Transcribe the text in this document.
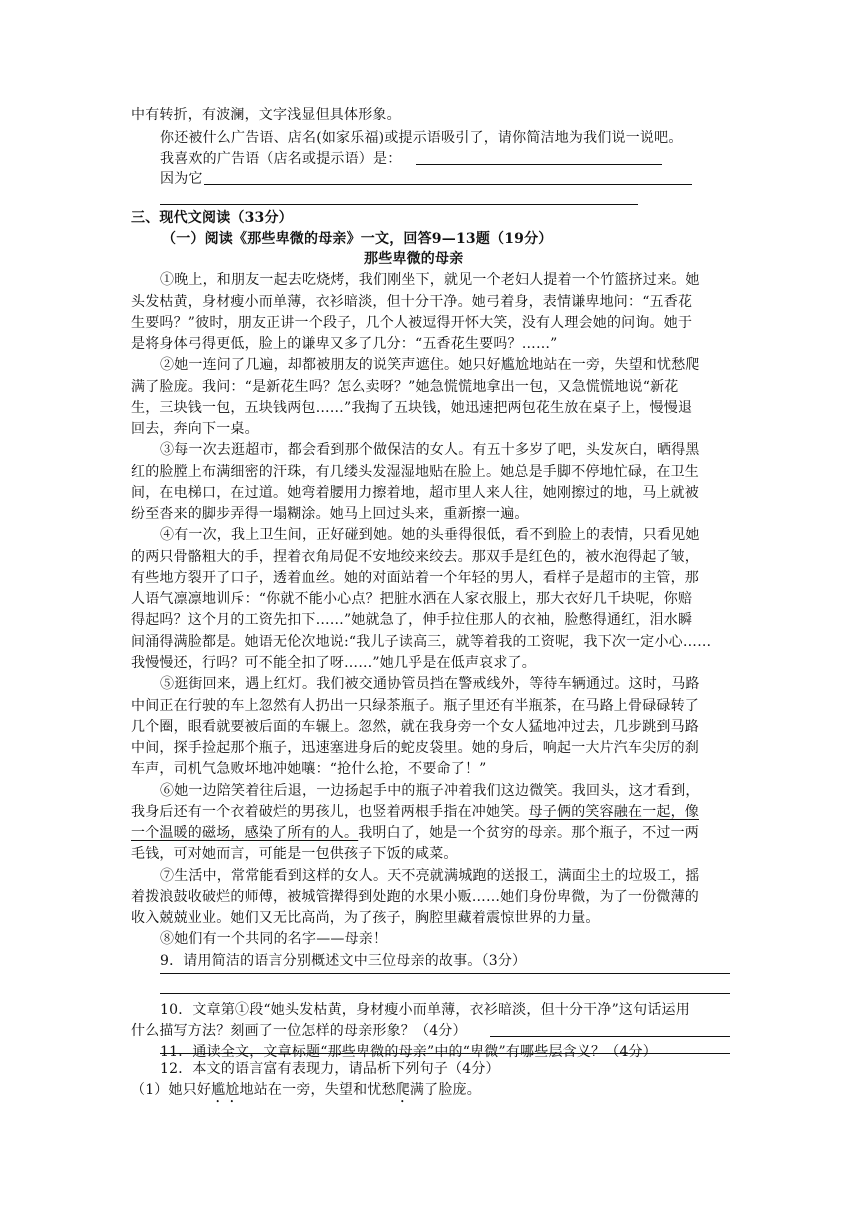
中有转折，有波澜，文字浅显但具体形象。
你还被什么广告语、店名(如家乐福)或提示语吸引了，请你简洁地为我们说一说吧。
我喜欢的广告语（店名或提示语）是：
因为它
三、现代文阅读（33分）
（一）阅读《那些卑微的母亲》一文，回答9—13题（19分）
那些卑微的母亲
①晚上，和朋友一起去吃烧烤，我们刚坐下，就见一个老妇人提着一个竹篮挤过来。她
头发枯黄，身材瘦小而单薄，衣衫暗淡，但十分干净。她弓着身，表情谦卑地问：“五香花
生要吗？”彼时，朋友正讲一个段子，几个人被逗得开怀大笑，没有人理会她的问询。她于
是将身体弓得更低，脸上的谦卑又多了几分：“五香花生要吗？……”
②她一连问了几遍，却都被朋友的说笑声遮住。她只好尴尬地站在一旁，失望和忧愁爬
满了脸庞。我问：“是新花生吗？怎么卖呀？”她急慌慌地拿出一包，又急慌慌地说“新花
生，三块钱一包，五块钱两包……”我掏了五块钱，她迅速把两包花生放在桌子上，慢慢退
回去，奔向下一桌。
③每一次去逛超市，都会看到那个做保洁的女人。有五十多岁了吧，头发灰白，晒得黑
红的脸膛上布满细密的汗珠，有几缕头发湿湿地贴在脸上。她总是手脚不停地忙碌，在卫生
间，在电梯口，在过道。她弯着腰用力擦着地，超市里人来人往，她刚擦过的地，马上就被
纷至沓来的脚步弄得一塌糊涂。她马上回过头来，重新擦一遍。
④有一次，我上卫生间，正好碰到她。她的头垂得很低，看不到脸上的表情，只看见她
的两只骨骼粗大的手，捏着衣角局促不安地绞来绞去。那双手是红色的，被水泡得起了皱，
有些地方裂开了口子，透着血丝。她的对面站着一个年轻的男人，看样子是超市的主管，那
人语气凛凛地训斥：“你就不能小心点？把脏水洒在人家衣服上，那大衣好几千块呢，你赔
得起吗？这个月的工资先扣下……”她就急了，伸手拉住那人的衣袖，脸憋得通红，泪水瞬
间涌得满脸都是。她语无伦次地说:“我儿子读高三，就等着我的工资呢，我下次一定小心……
我慢慢还，行吗？可不能全扣了呀……”她几乎是在低声哀求了。
⑤逛街回来，遇上红灯。我们被交通协管员挡在警戒线外，等待车辆通过。这时，马路
中间正在行驶的车上忽然有人扔出一只绿茶瓶子。瓶子里还有半瓶茶，在马路上骨碌碌转了
几个圈，眼看就要被后面的车辗上。忽然，就在我身旁一个女人猛地冲过去，几步跳到马路
中间，探手捡起那个瓶子，迅速塞进身后的蛇皮袋里。她的身后，响起一大片汽车尖厉的刹
车声，司机气急败坏地冲她嚷：“抢什么抢，不要命了！”
⑥她一边陪笑着往后退，一边扬起手中的瓶子冲着我们这边微笑。我回头，这才看到，
我身后还有一个衣着破烂的男孩儿，也竖着两根手指在冲她笑。母子俩的笑容融在一起，像
一个温暖的磁场，感染了所有的人。我明白了，她是一个贫穷的母亲。那个瓶子，不过一两
毛钱，可对她而言，可能是一包供孩子下饭的咸菜。
⑦生活中，常常能看到这样的女人。天不亮就满城跑的送报工，满面尘土的垃圾工，摇
着拨浪鼓收破烂的师傅，被城管撵得到处跑的水果小贩……她们身份卑微，为了一份微薄的
收入兢兢业业。她们又无比高尚，为了孩子，胸腔里藏着震惊世界的力量。
⑧她们有一个共同的名字——母亲！
9．请用简洁的语言分别概述文中三位母亲的故事。（3分）
10．文章第①段“她头发枯黄，身材瘦小而单薄，衣衫暗淡，但十分干净”这句话运用
什么描写方法？刻画了一位怎样的母亲形象？（4分）
11．通读全文，文章标题“那些卑微的母亲”中的“卑微”有哪些层含义？（4分）
12．本文的语言富有表现力，请品析下列句子（4分）
（1）她只好尴尬地站在一旁，失望和忧愁爬满了脸庞。
